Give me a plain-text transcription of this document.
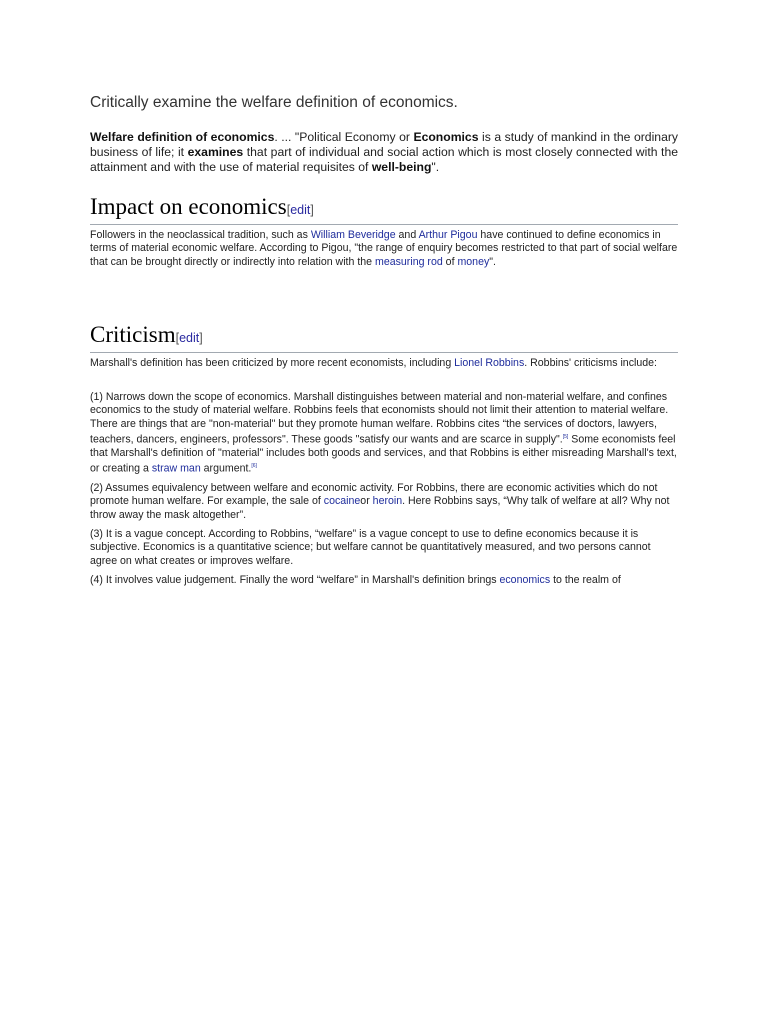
Critically examine the welfare definition of economics.

Welfare definition of economics. ... "Political Economy or Economics is a study of mankind in the ordinary business of life; it examines that part of individual and social action which is most closely connected with the attainment and with the use of material requisites of well-being".

Impact on economics[edit]

Followers in the neoclassical tradition, such as William Beveridge and Arthur Pigou have continued to define economics in terms of material economic welfare. According to Pigou, "the range of enquiry becomes restricted to that part of social welfare that can be brought directly or indirectly into relation with the measuring rod of money".

Criticism[edit]

Marshall's definition has been criticized by more recent economists, including Lionel Robbins. Robbins' criticisms include:

(1) Narrows down the scope of economics. Marshall distinguishes between material and non-material welfare, and confines economics to the study of material welfare. Robbins feels that economists should not limit their attention to material welfare. There are things that are "non-material" but they promote human welfare. Robbins cites “the services of doctors, lawyers, teachers, dancers, engineers, professors". These goods "satisfy our wants and are scarce in supply".[5] Some economists feel that Marshall's definition of "material" includes both goods and services, and that Robbins is either misreading Marshall's text, or creating a straw man argument.[6]

(2) Assumes equivalency between welfare and economic activity. For Robbins, there are economic activities which do not promote human welfare. For example, the sale of cocaineor heroin. Here Robbins says, “Why talk of welfare at all? Why not throw away the mask altogether”.

(3) It is a vague concept. According to Robbins, “welfare” is a vague concept to use to define economics because it is subjective. Economics is a quantitative science; but welfare cannot be quantitatively measured, and two persons cannot agree on what creates or improves welfare.

(4) It involves value judgement. Finally the word “welfare” in Marshall's definition brings economics to the realm of
